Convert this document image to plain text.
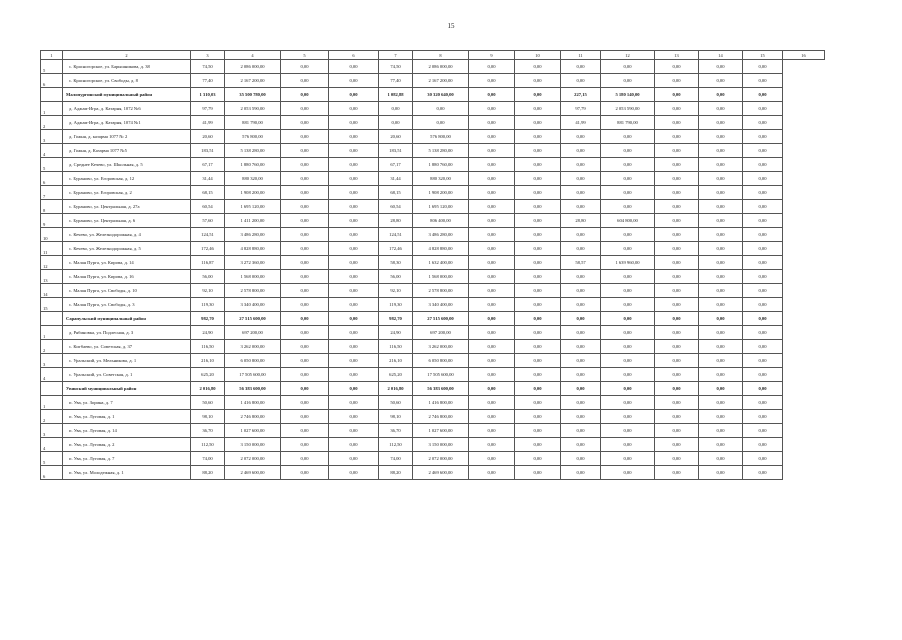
15
1	2	3	4	5	6	7	8	9	10	11	12	13	14	15	16
5	с. Красногорское, ул. Барышникова, д. 38	74,50	2 086 000,00	0,00	0,00	74,50	2 086 000,00	0,00	0,00	0,00	0,00	0,00	0,00	0,00	
6	с. Красногорское, ул. Свободы, д. 8	77,40	2 167 200,00	0,00	0,00	77,40	2 167 200,00	0,00	0,00	0,00	0,00	0,00	0,00	0,00	
	Малопургинский муниципальный район	1 310,03	35 500 780,00	0,00	0,00	1 082,88	30 320 640,00	0,00	0,00	227,15	5 180 140,00	0,00	0,00	0,00	
1	д. Аджам-Игра, д. Катарня, 1072 №6	97,79	2 053 590,00	0,00	0,00	0,00	0,00	0,00	0,00	97,79	2 053 590,00	0,00	0,00	0,00	
2	д. Аджам-Игра, д. Катарня, 1074 №1	41,99	881 790,00	0,00	0,00	0,00	0,00	0,00	0,00	41,99	881 790,00	0,00	0,00	0,00	
3	д. Гожня, д. казарма 1077 № 2	20,60	576 800,00	0,00	0,00	20,60	576 800,00	0,00	0,00	0,00	0,00	0,00	0,00	0,00	
4	д. Гожня, д. Казарма 1077 №5	183,51	5 138 280,00	0,00	0,00	183,51	5 138 280,00	0,00	0,00	0,00	0,00	0,00	0,00	0,00	
5	д. Среднее Кечево, ул. Школьная, д. 5	67,17	1 880 760,00	0,00	0,00	67,17	1 880 760,00	0,00	0,00	0,00	0,00	0,00	0,00	0,00	
6	с. Бурановo, ул. Егоровская, д. 12	31,44	880 320,00	0,00	0,00	31,44	880 320,00	0,00	0,00	0,00	0,00	0,00	0,00	0,00	
7	с. Бураново, ул. Егоровская, д. 2	68,15	1 908 200,00	0,00	0,00	68,15	1 908 200,00	0,00	0,00	0,00	0,00	0,00	0,00	0,00	
8	с. Бураново, ул. Центральная, д. 27а	60,54	1 695 120,00	0,00	0,00	60,54	1 695 120,00	0,00	0,00	0,00	0,00	0,00	0,00	0,00	
9	с. Бураново, ул. Центральная, д. 6	57,60	1 411 200,00	0,00	0,00	28,80	806 400,00	0,00	0,00	28,80	604 800,00	0,00	0,00	0,00	
10	с. Кечево, ул. Железнодорожная, д. 4	124,51	3 486 280,00	0,00	0,00	124,51	3 486 280,00	0,00	0,00	0,00	0,00	0,00	0,00	0,00	
11	с. Кечево, ул. Железнодорожная, д. 5	172,46	4 828 880,00	0,00	0,00	172,46	4 828 880,00	0,00	0,00	0,00	0,00	0,00	0,00	0,00	
12	с. Малая Пурга, ул. Кирова, д. 14	116,87	3 272 360,00	0,00	0,00	58,30	1 632 400,00	0,00	0,00	58,57	1 639 960,00	0,00	0,00	0,00	
13	с. Малая Пурга, ул. Кирова, д. 16	56,00	1 568 000,00	0,00	0,00	56,00	1 568 000,00	0,00	0,00	0,00	0,00	0,00	0,00	0,00	
14	с. Малая Пурга, ул. Свободы, д. 10	92,10	2 578 800,00	0,00	0,00	92,10	2 578 800,00	0,00	0,00	0,00	0,00	0,00	0,00	0,00	
15	с. Малая Пурга, ул. Свободы, д. 3	119,30	3 340 400,00	0,00	0,00	119,30	3 340 400,00	0,00	0,00	0,00	0,00	0,00	0,00	0,00	
	Сарапульский муниципальный район	982,70	27 515 600,00	0,00	0,00	982,70	27 515 600,00	0,00	0,00	0,00	0,00	0,00	0,00	0,00	
1	д. Рябиновка, ул. Подлесная, д. 3	24,90	697 200,00	0,00	0,00	24,90	697 200,00	0,00	0,00	0,00	0,00	0,00	0,00	0,00	
2	с. Кигбаево, ул. Советская, д. 37	116,50	3 262 000,00	0,00	0,00	116,50	3 262 000,00	0,00	0,00	0,00	0,00	0,00	0,00	0,00	
3	с. Уральский, ул. Мельникова, д. 1	216,10	6 050 800,00	0,00	0,00	216,10	6 050 800,00	0,00	0,00	0,00	0,00	0,00	0,00	0,00	
4	с. Уральский, ул. Советская, д. 1	625,20	17 505 600,00	0,00	0,00	625,20	17 505 600,00	0,00	0,00	0,00	0,00	0,00	0,00	0,00	
	Увинский муниципальный район	2 016,80	56 383 600,00	0,00	0,00	2 016,80	56 383 600,00	0,00	0,00	0,00	0,00	0,00	0,00	0,00	
1	п. Ува, ул. Зорина, д. 7	50,60	1 416 800,00	0,00	0,00	50,60	1 416 800,00	0,00	0,00	0,00	0,00	0,00	0,00	0,00	
2	п. Ува, ул. Луговая, д. 1	98,10	2 746 800,00	0,00	0,00	98,10	2 746 800,00	0,00	0,00	0,00	0,00	0,00	0,00	0,00	
3	п. Ува, ул. Луговая, д. 14	36,70	1 027 600,00	0,00	0,00	36,70	1 027 600,00	0,00	0,00	0,00	0,00	0,00	0,00	0,00	
4	п. Ува, ул. Луговая, д. 2	112,50	3 150 000,00	0,00	0,00	112,50	3 150 000,00	0,00	0,00	0,00	0,00	0,00	0,00	0,00	
5	п. Ува, ул. Луговая, д. 7	74,00	2 072 000,00	0,00	0,00	74,00	2 072 000,00	0,00	0,00	0,00	0,00	0,00	0,00	0,00	
6	п. Ува, ул. Молодежная, д. 1	88,20	2 469 600,00	0,00	0,00	88,20	2 469 600,00	0,00	0,00	0,00	0,00	0,00	0,00	0,00	
